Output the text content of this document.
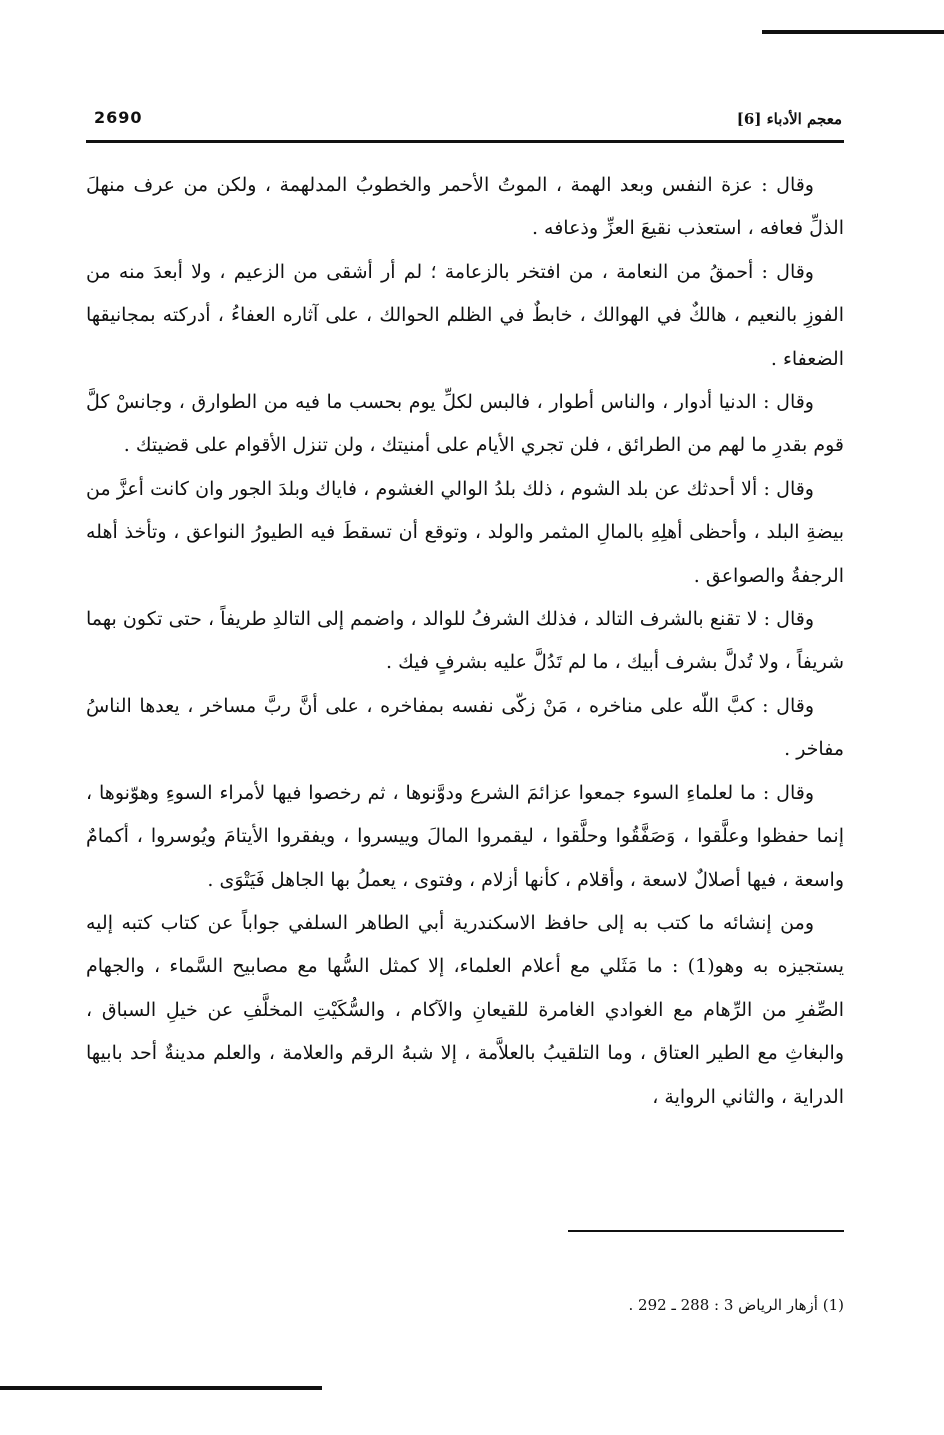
2690	معجم الأدباء [6]

وقال : عزة النفس وبعد الهمة ، الموتُ الأحمر والخطوبُ المدلهمة ، ولكن من عرف منهلَ الذلِّ فعافه ، استعذب نقيعَ العزِّ وذعافه .

وقال : أحمقُ من النعامة ، من افتخر بالزعامة ؛ لم أر أشقى من الزعيم ، ولا أبعدَ منه من الفوزِ بالنعيم ، هالكٌ في الهوالك ، خابطٌ في الظلم الحوالك ، على آثاره العفاءُ ، أدركته بمجانيقها الضعفاء .

وقال : الدنيا أدوار ، والناس أطوار ، فالبس لكلِّ يوم بحسب ما فيه من الطوارق ، وجانسْ كلَّ قوم بقدرِ ما لهم من الطرائق ، فلن تجري الأيام على أمنيتك ، ولن تنزل الأقوام على قضيتك .

وقال : ألا أحدثك عن بلد الشوم ، ذلك بلدُ الوالي الغشوم ، فاياك وبلدَ الجور وان كانت أعزَّ من بيضةِ البلد ، وأحظى أهلِهِ بالمالِ المثمر والولد ، وتوقع أن تسقطَ فيه الطيورُ النواعق ، وتأخذ أهله الرجفةُ والصواعق .

وقال : لا تقنع بالشرف التالد ، فذلك الشرفُ للوالد ، واضمم إلى التالدِ طريفاً ، حتى تكون بهما شريفاً ، ولا تُدلَّ بشرف أبيك ، ما لم تَدُلَّ عليه بشرفٍ فيك .

وقال : كبَّ اللّه على مناخره ، مَنْ زكّى نفسه بمفاخره ، على أنَّ ربَّ مساخر ، يعدها الناسُ مفاخر .

وقال : ما لعلماءِ السوء جمعوا عزائمَ الشرع ودوَّنوها ، ثم رخصوا فيها لأمراء السوءِ وهوّنوها ، إنما حفظوا وعلَّقوا ، وَصَفَّقُوا وحلَّقوا ، ليقمروا المالَ وييسروا ، ويفقروا الأيتامَ ويُوسروا ، أكمامٌ واسعة ، فيها أصلالٌ لاسعة ، وأقلام ، كأنها أزلام ، وفتوى ، يعملُ بها الجاهل فَيَتْوَى .

ومن إنشائه ما كتب به إلى حافظ الاسكندرية أبي الطاهر السلفي جواباً عن كتاب كتبه إليه يستجيزه به وهو(1) : ما مَثَلي مع أعلام العلماء، إلا كمثل السُّها مع مصابيح السَّماء ، والجهام الصِّفرِ من الرِّهام مع الغوادي الغامرة للقيعانِ والآكام ، والسُّكَيْتِ المخلَّفِ عن خيلِ السباق ، والبغاثِ مع الطير العتاق ، وما التلقيبُ بالعلاَّمة ، إلا شبهُ الرقم والعلامة ، والعلم مدينةٌ أحد بابيها الدراية ، والثاني الرواية ،

(1) أزهار الرياض 3 : 288 ـ 292 .
